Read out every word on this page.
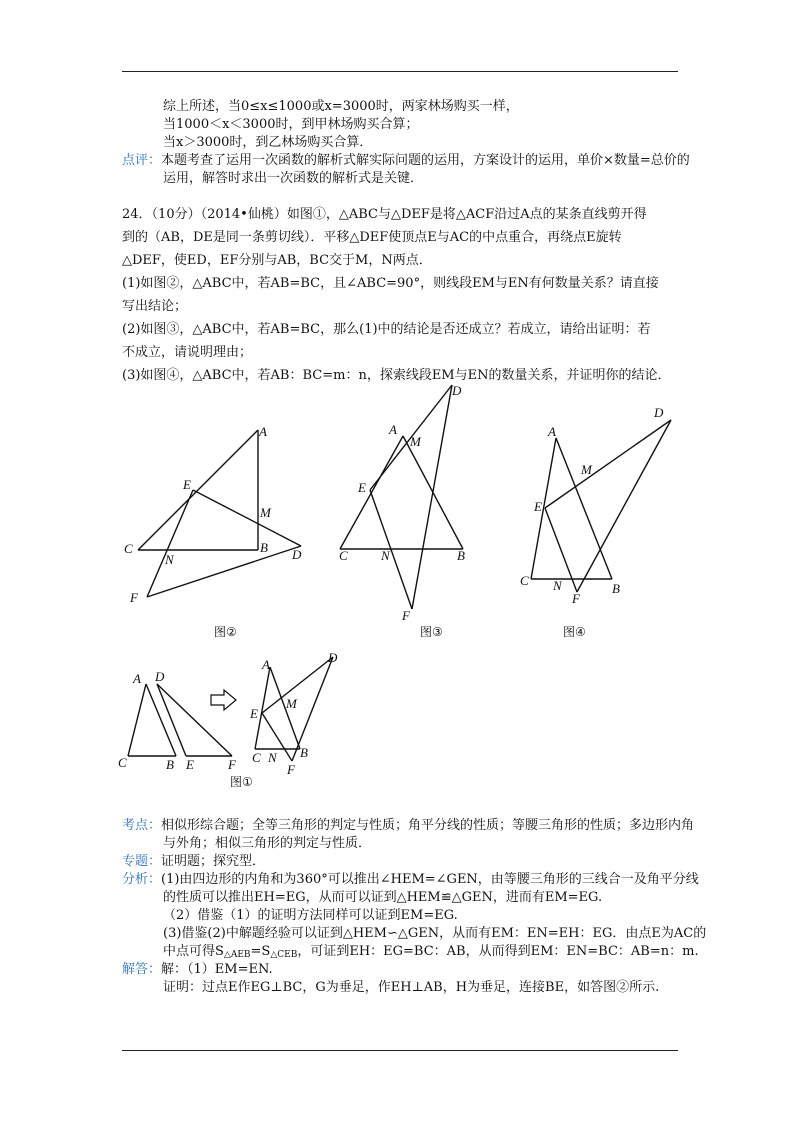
综上所述，当0≤x≤1000或x=3000时，两家林场购买一样，
当1000＜x＜3000时，到甲林场购买合算；
当x＞3000时，到乙林场购买合算．
点评：本题考查了运用一次函数的解析式解实际问题的运用，方案设计的运用，单价×数量=总价的
运用，解答时求出一次函数的解析式是关键．
24．（10分）（2014•仙桃）如图①，△ABC与△DEF是将△ACF沿过A点的某条直线剪开得
到的（AB，DE是同一条剪切线）．平移△DEF使顶点E与AC的中点重合，再绕点E旋转
△DEF，使ED，EF分别与AB，BC交于M，N两点．
(1)如图②，△ABC中，若AB=BC，且∠ABC=90°，则线段EM与EN有何数量关系？请直接
写出结论；
(2)如图③，△ABC中，若AB=BC，那么(1)中的结论是否还成立？若成立，请给出证明：若
不成立，请说明理由；
(3)如图④，△ABC中，若AB：BC=m：n，探索线段EM与EN的数量关系，并证明你的结论．
A
M
B D
E
C
N
F
图②
A
M
D
E
C	N	B
F
图③
A
M
D
E
C N	B
F
图④
A D
C	B E	F
A	D
M
E
C N B
F
图①
考点：相似形综合题；全等三角形的判定与性质；角平分线的性质；等腰三角形的性质；多边形内角
与外角；相似三角形的判定与性质．
专题：证明题；探究型．
分析：(1)由四边形的内角和为360°可以推出∠HEM=∠GEN，由等腰三角形的三线合一及角平分线
的性质可以推出EH=EG，从而可以证到△HEM≌△GEN，进而有EM=EG.
（2）借鉴（1）的证明方法同样可以证到EM=EG.
(3)借鉴(2)中解题经验可以证到△HEM∽△GEN，从而有EM：EN=EH：EG．由点E为AC的
中点可得$S_{\triangle AEB}=S_{\triangle CEB}$，可证到EH：EG=BC：AB，从而得到EM：EN=BC：AB=n：m.
解答：解：（1）EM=EN.
证明：过点E作EG⊥BC，G为垂足，作EH⊥AB，H为垂足，连接BE，如答图②所示.
